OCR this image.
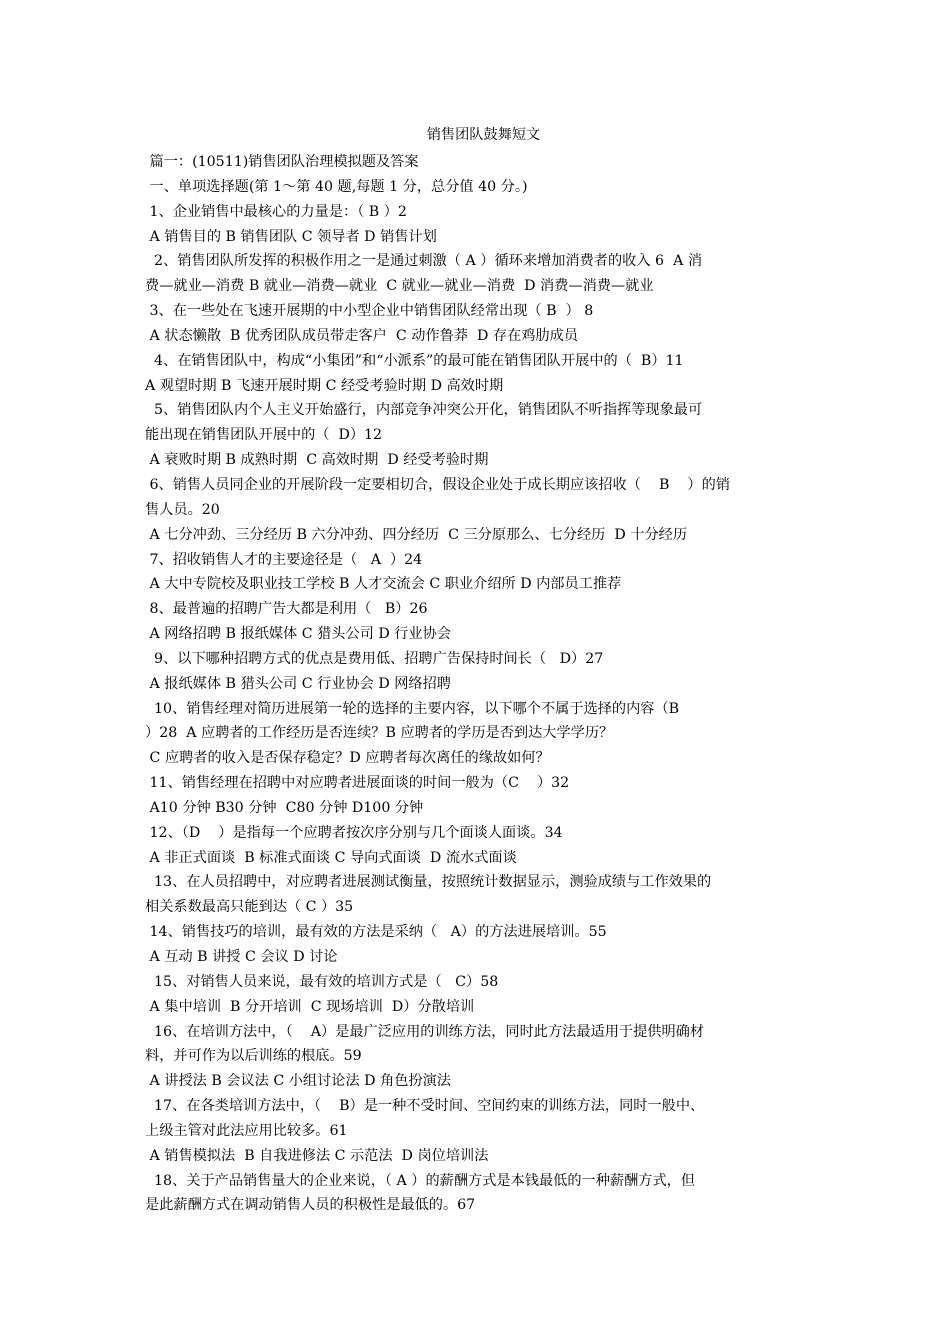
销售团队鼓舞短文

篇一：(10511)销售团队治理模拟题及答案

一、单项选择题(第 1～第 40 题,每题 1 分，总分值 40 分。)

1、企业销售中最核心的力量是：（ B ）2

A 销售目的 B 销售团队 C 领导者 D 销售计划

2、销售团队所发挥的积极作用之一是通过刺激（ A ）循环来增加消费者的收入 6  A 消

费—就业—消费 B 就业—消费—就业  C 就业—就业—消费  D 消费—消费—就业

3、在一些处在飞速开展期的中小型企业中销售团队经常出现（ B  ） 8

A 状态懒散  B 优秀团队成员带走客户  C 动作鲁莽  D 存在鸡肋成员

4、在销售团队中，构成“小集团”和“小派系”的最可能在销售团队开展中的（  B）11

A 观望时期 B 飞速开展时期 C 经受考验时期 D 高效时期

5、销售团队内个人主义开始盛行，内部竞争冲突公开化，销售团队不听指挥等现象最可

能出现在销售团队开展中的（  D）12

A 衰败时期 B 成熟时期  C 高效时期  D 经受考验时期

6、销售人员同企业的开展阶段一定要相切合，假设企业处于成长期应该招收（    B    ）的销

售人员。20

A 七分冲劲、三分经历 B 六分冲劲、四分经历  C 三分原那么、七分经历  D 十分经历

7、招收销售人才的主要途径是（   A  ）24

A 大中专院校及职业技工学校 B 人才交流会 C 职业介绍所 D 内部员工推荐

8、最普遍的招聘广告大都是利用（   B）26

A 网络招聘 B 报纸媒体 C 猎头公司 D 行业协会

9、以下哪种招聘方式的优点是费用低、招聘广告保持时间长（   D）27

A 报纸媒体 B 猎头公司 C 行业协会 D 网络招聘

10、销售经理对简历进展第一轮的选择的主要内容，以下哪个不属于选择的内容（B

）28  A 应聘者的工作经历是否连续？B 应聘者的学历是否到达大学学历？

C 应聘者的收入是否保存稳定？D 应聘者每次离任的缘故如何？

11、销售经理在招聘中对应聘者进展面谈的时间一般为（C    ）32

A10 分钟 B30 分钟  C80 分钟 D100 分钟

12、（D    ）是指每一个应聘者按次序分别与几个面谈人面谈。34

A 非正式面谈  B 标准式面谈 C 导向式面谈  D 流水式面谈

13、在人员招聘中，对应聘者进展测试衡量，按照统计数据显示，测验成绩与工作效果的

相关系数最高只能到达（ C ）35

14、销售技巧的培训，最有效的方法是采纳（   A）的方法进展培训。55

A 互动 B 讲授 C 会议 D 讨论

15、对销售人员来说，最有效的培训方式是（   C）58

A 集中培训  B 分开培训  C 现场培训  D）分散培训

16、在培训方法中，（    A）是最广泛应用的训练方法，同时此方法最适用于提供明确材

料，并可作为以后训练的根底。59

A 讲授法 B 会议法 C 小组讨论法 D 角色扮演法

17、在各类培训方法中，（    B）是一种不受时间、空间约束的训练方法，同时一般中、

上级主管对此法应用比较多。61

A 销售模拟法  B 自我进修法 C 示范法  D 岗位培训法

18、关于产品销售量大的企业来说，（ A ）的薪酬方式是本钱最低的一种薪酬方式，但

是此薪酬方式在调动销售人员的积极性是最低的。67
